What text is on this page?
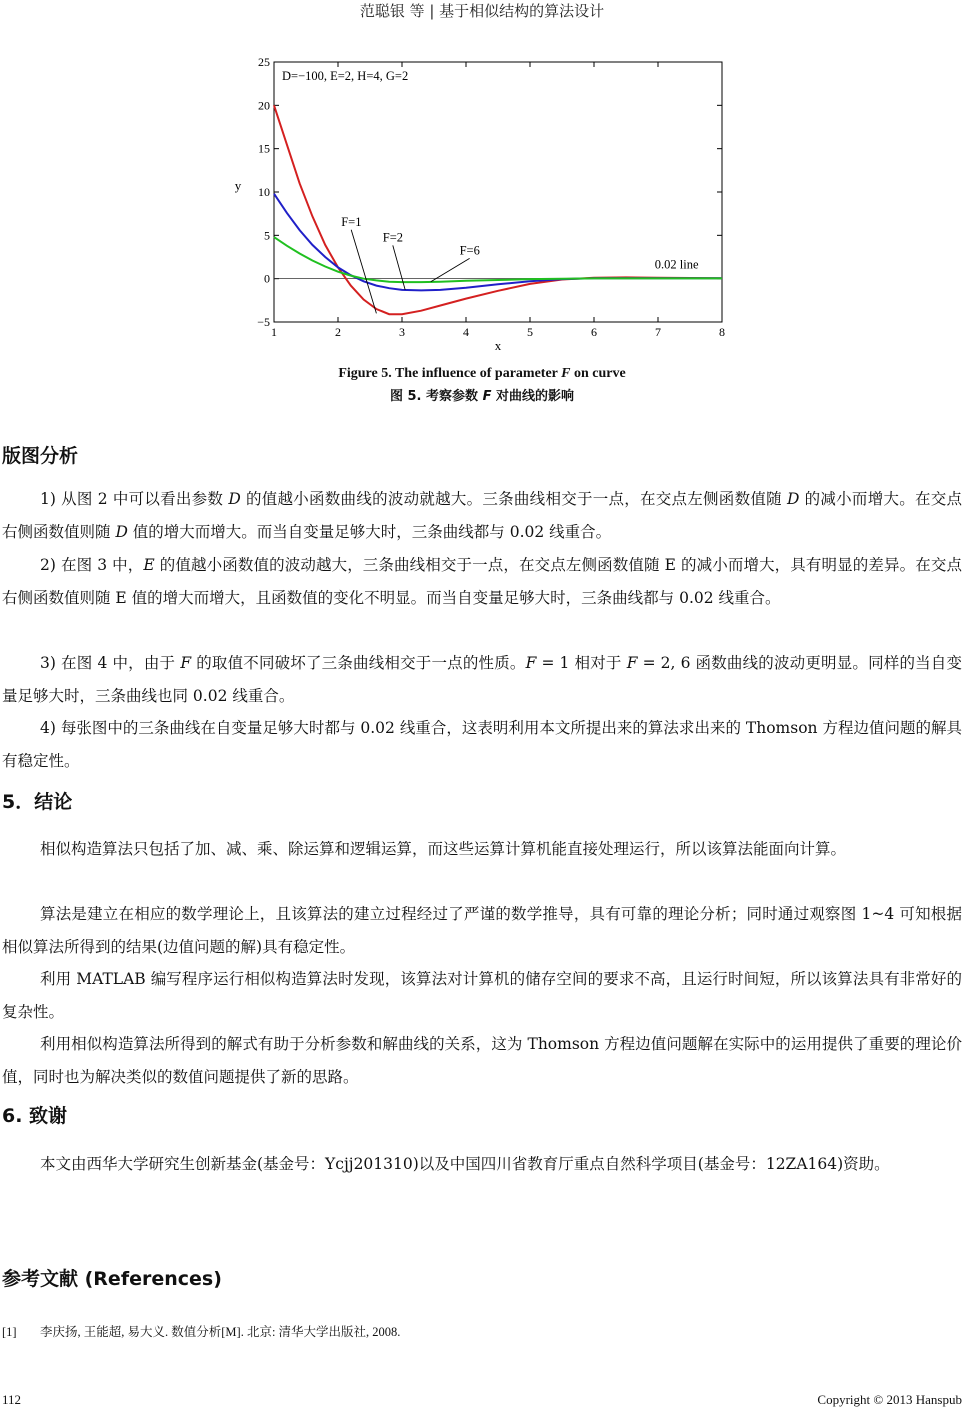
范聪银 等 | 基于相似结构的算法设计
1	2	3	4	5	6	7	8
−5
0
5
10
15
20
25
x
y
D=−100, E=2, H=4, G=2
F=1
F=2
F=6
0.02 line
Figure 5. The influence of parameter F on curve
图 5. 考察参数 F 对曲线的影响
版图分析

1) 从图 2 中可以看出参数 D 的值越小函数曲线的波动就越大。三条曲线相交于一点，在交点左侧函数值随 D 的减小而增大。在交点右侧函数值则随 D 值的增大而增大。而当自变量足够大时，三条曲线都与 0.02 线重合。

2) 在图 3 中，E 的值越小函数值的波动越大，三条曲线相交于一点，在交点左侧函数值随 E 的减小而增大，具有明显的差异。在交点右侧函数值则随 E 值的增大而增大，且函数值的变化不明显。而当自变量足够大时，三条曲线都与 0.02 线重合。

3) 在图 4 中，由于 F 的取值不同破坏了三条曲线相交于一点的性质。F = 1 相对于 F = 2, 6 函数曲线的波动更明显。同样的当自变量足够大时，三条曲线也同 0.02 线重合。

4) 每张图中的三条曲线在自变量足够大时都与 0.02 线重合，这表明利用本文所提出来的算法求出来的 Thomson 方程边值问题的解具有稳定性。

5．结论

相似构造算法只包括了加、减、乘、除运算和逻辑运算，而这些运算计算机能直接处理运行，所以该算法能面向计算。

算法是建立在相应的数学理论上，且该算法的建立过程经过了严谨的数学推导，具有可靠的理论分析；同时通过观察图 1~4 可知根据相似算法所得到的结果(边值问题的解)具有稳定性。

利用 MATLAB 编写程序运行相似构造算法时发现，该算法对计算机的储存空间的要求不高，且运行时间短，所以该算法具有非常好的复杂性。

利用相似构造算法所得到的解式有助于分析参数和解曲线的关系，这为 Thomson 方程边值问题解在实际中的运用提供了重要的理论价值，同时也为解决类似的数值问题提供了新的思路。

6. 致谢

本文由西华大学研究生创新基金(基金号：Ycjj201310)以及中国四川省教育厅重点自然科学项目(基金号：12ZA164)资助。

参考文献 (References)
[1] 李庆扬, 王能超, 易大义. 数值分析[M]. 北京: 清华大学出版社, 2008.
112	Copyright © 2013 Hanspub
